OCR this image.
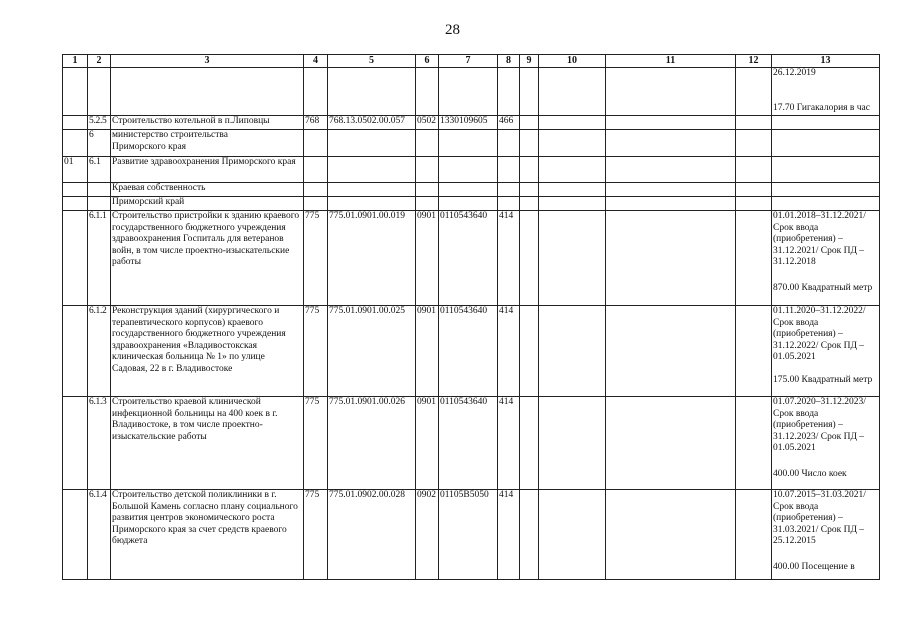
28
1	2	3	4	5	6	7	8	9	10	11	12	13

												26.12.2019
17.70 Гигакалория в час

	5.2.5	Строительство котельной в п.Липовцы	768	768.13.0502.00.057	0502	1330109605	466					
	6	министерство строительства Приморского края										
01	6.1	Развитие здравоохранения Приморского края										
		Краевая собственность										
		Приморский край										
	6.1.1	Строительство пристройки к зданию краевого государственного бюджетного учреждения здравоохранения Госпиталь для ветеранов войн, в том числе проектно-изыскательские работы	775	775.01.0901.00.019	0901	0110543640	414					01.01.2018–31.12.2021/ Срок ввода (приобретения) – 31.12.2021/ Срок ПД – 31.12.2018
870.00 Квадратный метр

	6.1.2	Реконструкция зданий (хирургического и терапевтического корпусов) краевого государственного бюджетного учреждения здравоохранения «Владивостокская клиническая больница № 1» по улице Садовая, 22 в г. Владивостоке	775	775.01.0901.00.025	0901	0110543640	414					01.11.2020–31.12.2022/ Срок ввода (приобретения) – 31.12.2022/ Срок ПД – 01.05.2021
175.00 Квадратный метр

	6.1.3	Строительство краевой клинической инфекционной больницы на 400 коек в г. Владивостоке, в том числе проектно-изыскательские работы	775	775.01.0901.00.026	0901	0110543640	414					01.07.2020–31.12.2023/ Срок ввода (приобретения) – 31.12.2023/ Срок ПД – 01.05.2021
400.00 Число коек

	6.1.4	Строительство детской поликлиники в г. Большой Камень согласно плану социального развития центров экономического роста Приморского края за счет средств краевого бюджета	775	775.01.0902.00.028	0902	01105В5050	414					10.07.2015–31.03.2021/ Срок ввода (приобретения) – 31.03.2021/ Срок ПД – 25.12.2015
400.00 Посещение в
